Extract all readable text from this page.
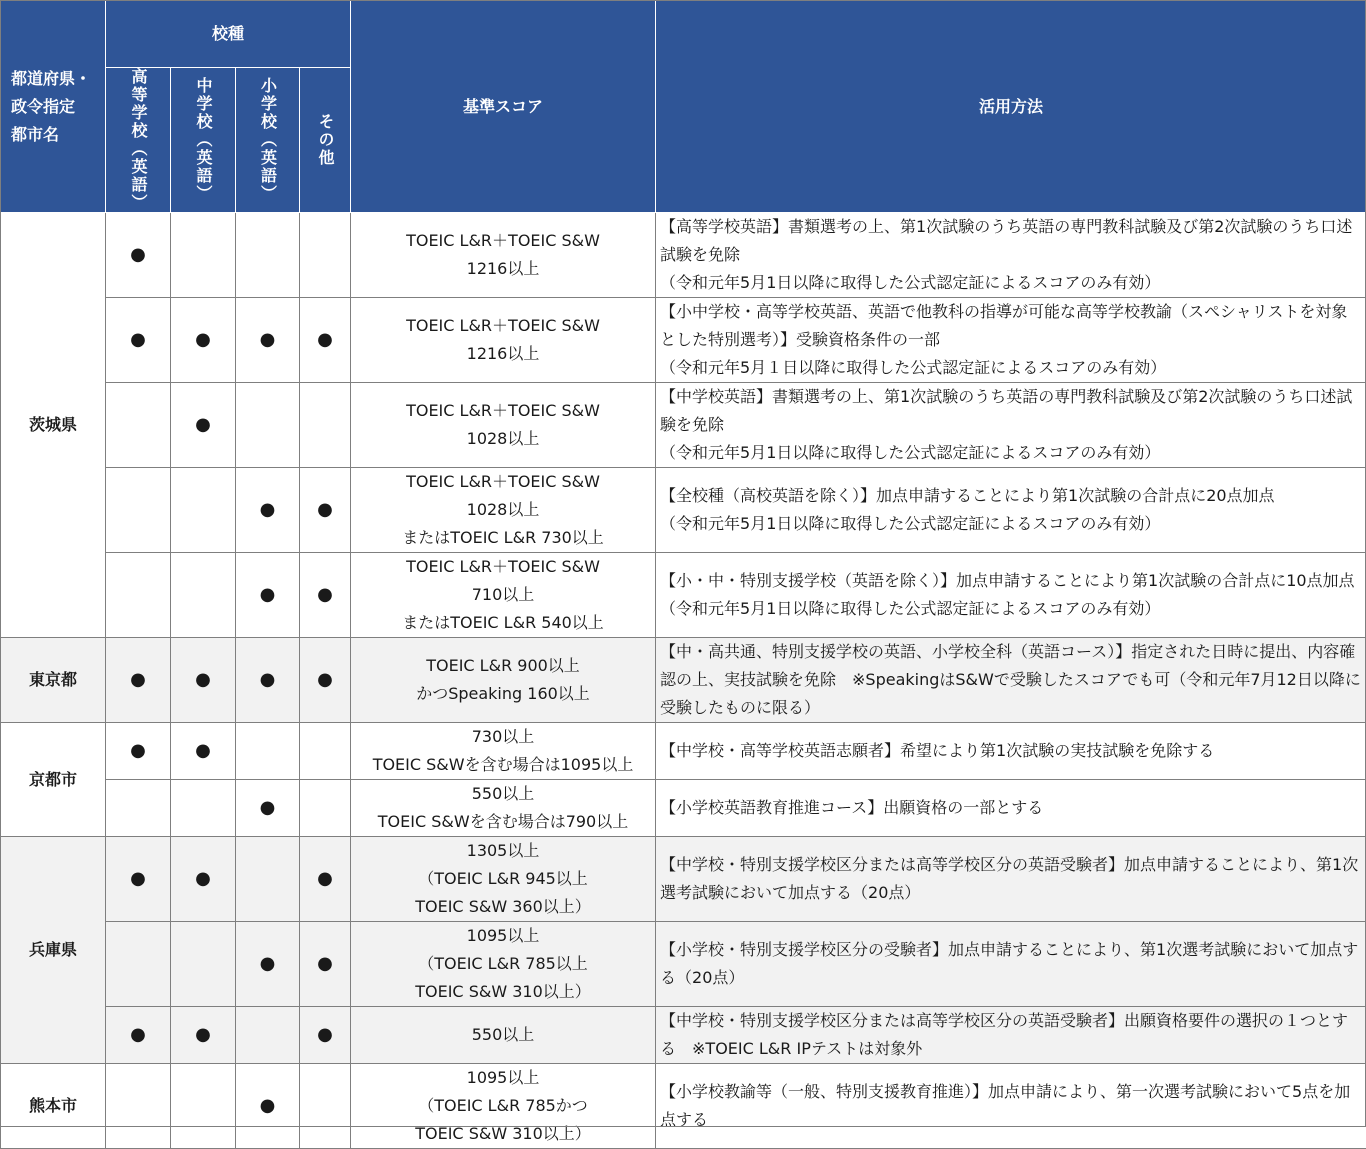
都道府県・
政令指定
都市名	校種				基準スコア	活用方法

	高等学校（英語）	中学校（英語）	小学校（英語）	その他		

茨城県	●				TOEIC L&R＋TOEIC S&W
1216以上	【高等学校英語】書類選考の上、第1次試験のうち英語の専門教科試験及び第2次試験のうち口述試験を免除
（令和元年5月1日以降に取得した公式認定証によるスコアのみ有効）
	●	●	●	●	TOEIC L&R＋TOEIC S&W
1216以上	【小中学校・高等学校英語、英語で他教科の指導が可能な高等学校教諭（スペシャリストを対象とした特別選考）】受験資格条件の一部
（令和元年5月１日以降に取得した公式認定証によるスコアのみ有効）
		●			TOEIC L&R＋TOEIC S&W
1028以上	【中学校英語】書類選考の上、第1次試験のうち英語の専門教科試験及び第2次試験のうち口述試験を免除
（令和元年5月1日以降に取得した公式認定証によるスコアのみ有効）
			●	●	TOEIC L&R＋TOEIC S&W
1028以上
またはTOEIC L&R 730以上	【全校種（高校英語を除く）】加点申請することにより第1次試験の合計点に20点加点
（令和元年5月1日以降に取得した公式認定証によるスコアのみ有効）
			●	●	TOEIC L&R＋TOEIC S&W
710以上
またはTOEIC L&R 540以上	【小・中・特別支援学校（英語を除く）】加点申請することにより第1次試験の合計点に10点加点（令和元年5月1日以降に取得した公式認定証によるスコアのみ有効）
東京都	●	●	●	●	TOEIC L&R 900以上
かつSpeaking 160以上	【中・高共通、特別支援学校の英語、小学校全科（英語コース）】指定された日時に提出、内容確認の上、実技試験を免除　※SpeakingはS&Wで受験したスコアでも可（令和元年7月12日以降に受験したものに限る）
京都市	●	●			730以上
TOEIC S&Wを含む場合は1095以上	【中学校・高等学校英語志願者】希望により第1次試験の実技試験を免除する
			●		550以上
TOEIC S&Wを含む場合は790以上	【小学校英語教育推進コース】出願資格の一部とする
兵庫県	●	●		●	1305以上
（TOEIC L&R 945以上
TOEIC S&W 360以上）	【中学校・特別支援学校区分または高等学校区分の英語受験者】加点申請することにより、第1次選考試験において加点する（20点）
			●	●	1095以上
（TOEIC L&R 785以上
TOEIC S&W 310以上）	【小学校・特別支援学校区分の受験者】加点申請することにより、第1次選考試験において加点する（20点）
	●	●		●	550以上	【中学校・特別支援学校区分または高等学校区分の英語受験者】出願資格要件の選択の１つとする　※TOEIC L&R IPテストは対象外
熊本市			●		1095以上
（TOEIC L&R 785かつ
TOEIC S&W 310以上）	【小学校教諭等（一般、特別支援教育推進）】加点申請により、第一次選考試験において5点を加点する
